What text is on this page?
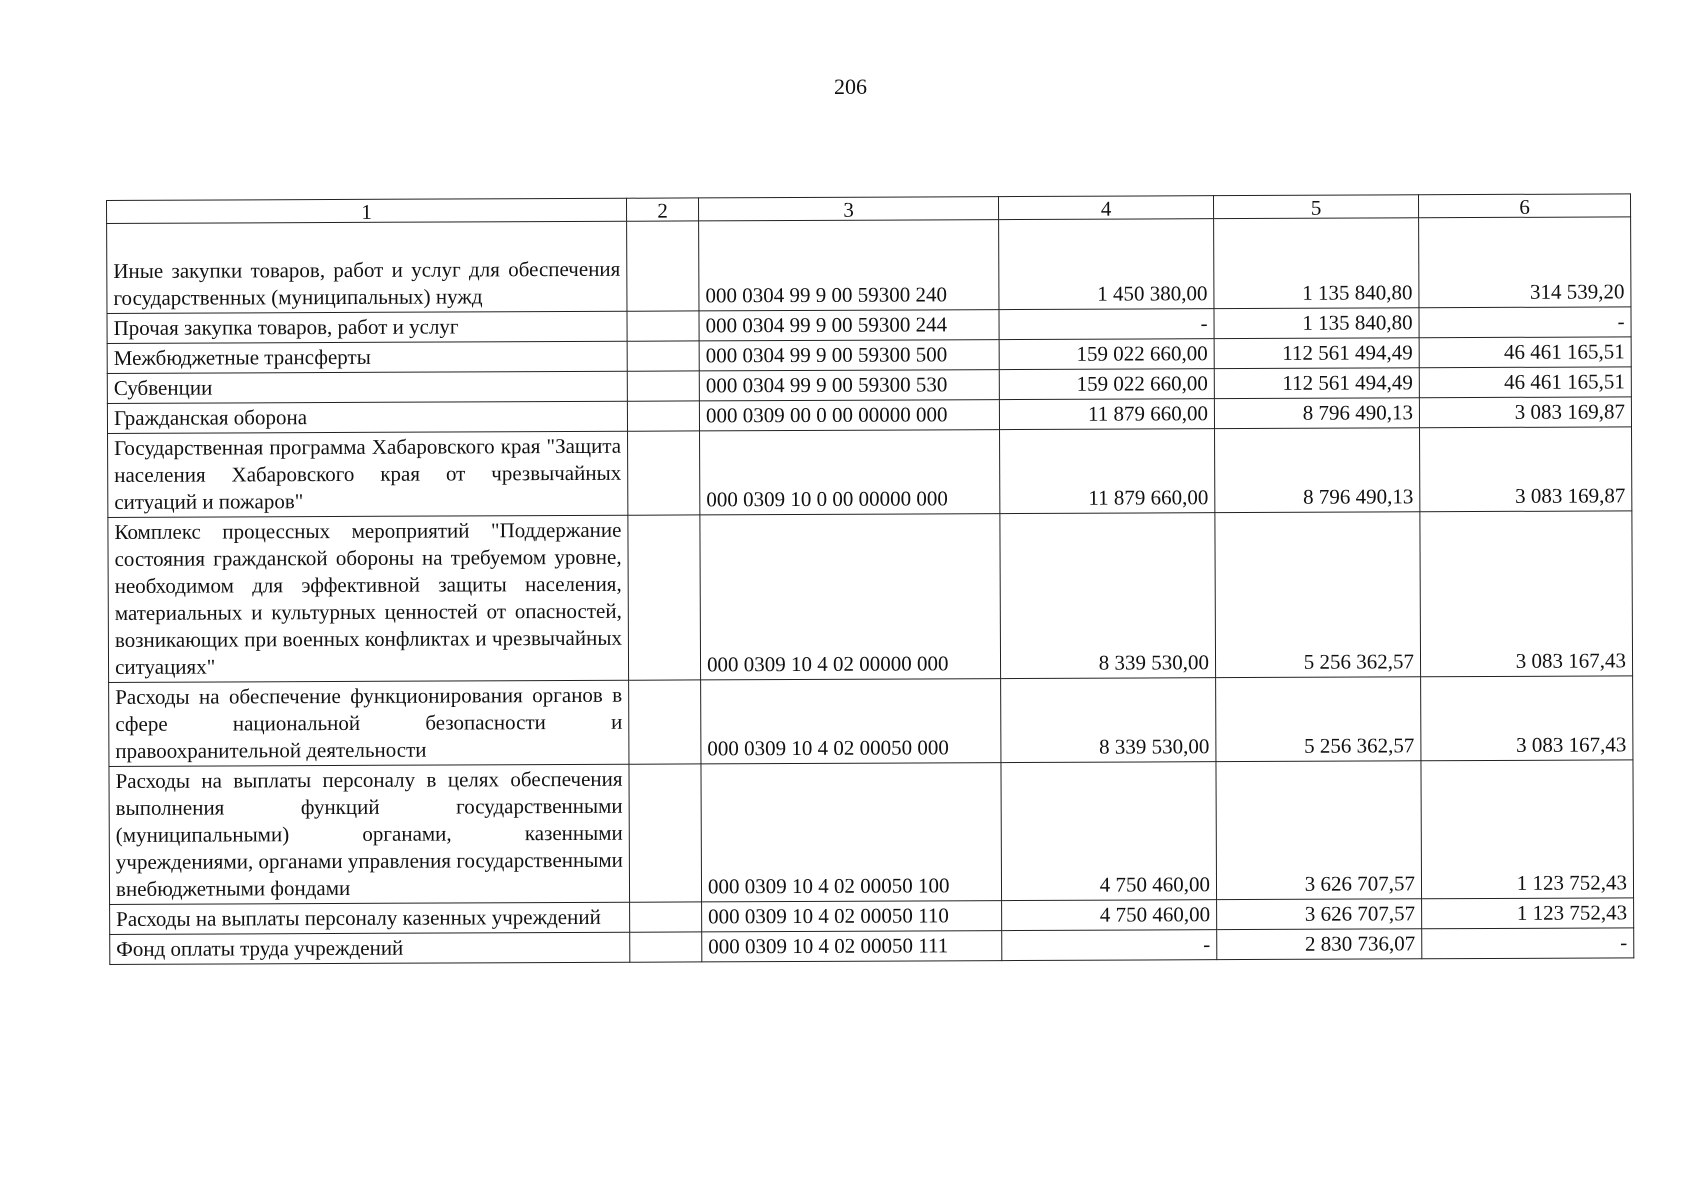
206
1	2	3	4	5	6
Иные закупки товаров, работ и услуг для обеспечения государственных (муниципальных) нужд		000 0304 99 9 00 59300 240	1 450 380,00	1 135 840,80	314 539,20
Прочая закупка товаров, работ и услуг		000 0304 99 9 00 59300 244	-	1 135 840,80	-
Межбюджетные трансферты		000 0304 99 9 00 59300 500	159 022 660,00	112 561 494,49	46 461 165,51
Субвенции		000 0304 99 9 00 59300 530	159 022 660,00	112 561 494,49	46 461 165,51
Гражданская оборона		000 0309 00 0 00 00000 000	11 879 660,00	8 796 490,13	3 083 169,87
Государственная программа Хабаровского края "Защита населения Хабаровского края от чрезвычайных ситуаций и пожаров"		000 0309 10 0 00 00000 000	11 879 660,00	8 796 490,13	3 083 169,87
Комплекс процессных мероприятий "Поддержание состояния гражданской обороны на требуемом уровне, необходимом для эффективной защиты населения, материальных и культурных ценностей от опасностей, возникающих при военных конфликтах и чрезвычайных ситуациях"		000 0309 10 4 02 00000 000	8 339 530,00	5 256 362,57	3 083 167,43
Расходы на обеспечение функционирования органов в сфере национальной безопасности и правоохранительной деятельности		000 0309 10 4 02 00050 000	8 339 530,00	5 256 362,57	3 083 167,43
Расходы на выплаты персоналу в целях обеспечения выполнения функций государственными (муниципальными) органами, казенными учреждениями, органами управления государственными внебюджетными фондами		000 0309 10 4 02 00050 100	4 750 460,00	3 626 707,57	1 123 752,43
Расходы на выплаты персоналу казенных учреждений		000 0309 10 4 02 00050 110	4 750 460,00	3 626 707,57	1 123 752,43
Фонд оплаты труда учреждений		000 0309 10 4 02 00050 111	-	2 830 736,07	-
